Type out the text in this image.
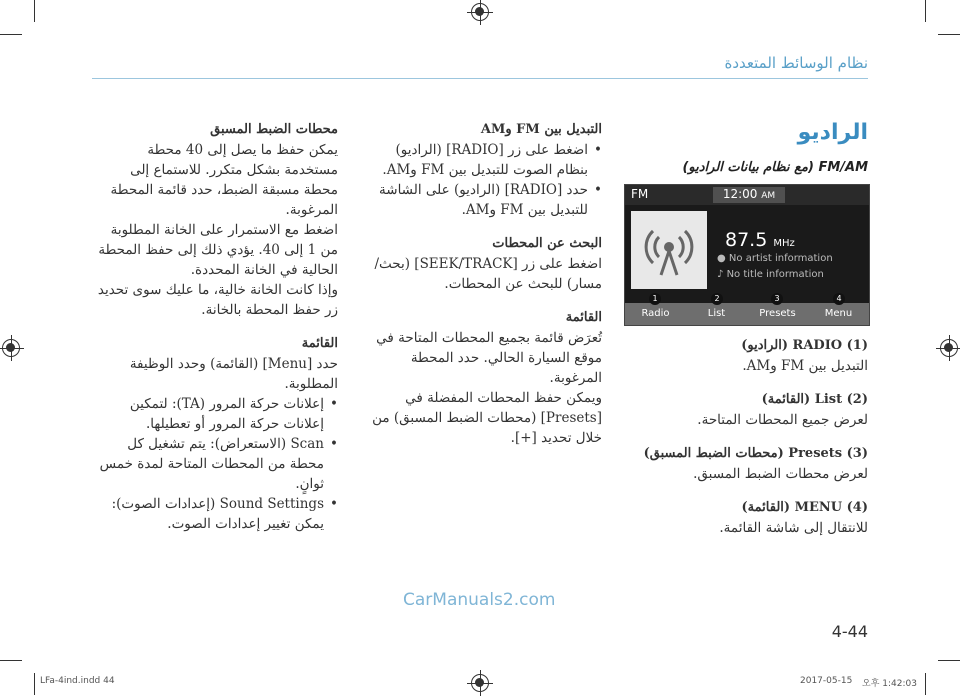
نظام الوسائط المتعددة
الراديو
FM/AM (مع نظام بيانات الراديو)
FM	12:00 AM
87.5 MHz
● No artist information
♪ No title information
Radio	List	Presets	Menu
1	2	3	4
(1) RADIO (الراديو)

التبديل بين FM وAM.

(2) List (القائمة)

لعرض جميع المحطات المتاحة.

(3) Presets (محطات الضبط المسبق)

لعرض محطات الضبط المسبق.

(4) MENU (القائمة)

للانتقال إلى شاشة القائمة.

التبديل بين FM وAM

• اضغط على زر [RADIO] (الراديو) بنظام الصوت للتبديل بين FM وAM.

• حدد [RADIO] (الراديو) على الشاشة للتبديل بين FM وAM.

البحث عن المحطات

اضغط على زر [SEEK/TRACK] (بحث/مسار) للبحث عن المحطات.

القائمة

تُعرَض قائمة بجميع المحطات المتاحة في موقع السيارة الحالي. حدد المحطة المرغوبة.

ويمكن حفظ المحطات المفضلة في [Presets] (محطات الضبط المسبق) من خلال تحديد [+].

محطات الضبط المسبق

يمكن حفظ ما يصل إلى 40 محطة مستخدمة بشكل متكرر. للاستماع إلى محطة مسبقة الضبط، حدد قائمة المحطة المرغوبة.

اضغط مع الاستمرار على الخانة المطلوبة من 1 إلى 40. يؤدي ذلك إلى حفظ المحطة الحالية في الخانة المحددة.

وإذا كانت الخانة خالية، ما عليك سوى تحديد زر حفظ المحطة بالخانة.

القائمة

حدد [Menu] (القائمة) وحدد الوظيفة المطلوبة.

• إعلانات حركة المرور (TA): لتمكين إعلانات حركة المرور أو تعطيلها.

• Scan (الاستعراض): يتم تشغيل كل محطة من المحطات المتاحة لمدة خمس ثوانٍ.

• Sound Settings (إعدادات الصوت): يمكن تغيير إعدادات الصوت.

CarManuals2.com
4-44
LFa-4ind.indd 44	2017-05-15 오후 1:42:03
